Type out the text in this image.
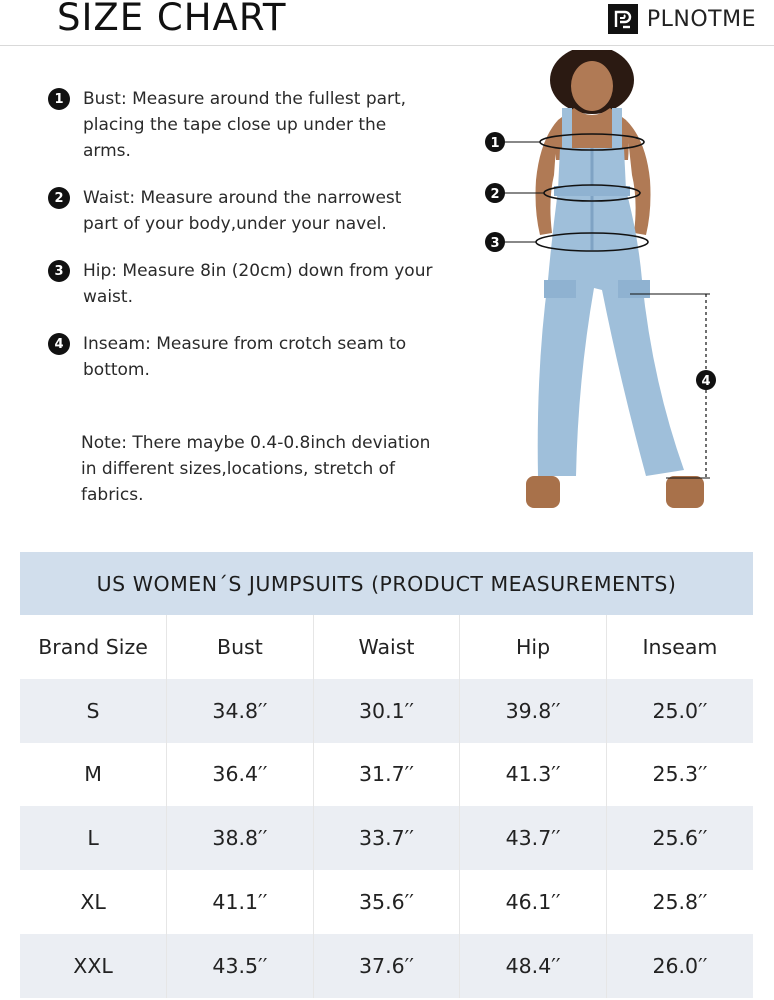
SIZE CHART	PLNOTME
1	Bust: Measure around the fullest part, placing the tape close up under the arms.
2	Waist: Measure around the narrowest part of your body,under your navel.
3	Hip: Measure 8in (20cm) down from your waist.
4	Inseam: Measure from crotch seam to bottom.
Note: There maybe 0.4-0.8inch deviation in different sizes,locations, stretch of fabrics.
1
2
3
4
US WOMEN´S JUMPSUITS (PRODUCT MEASUREMENTS)
Brand Size	Bust	Waist	Hip	Inseam
S	34.8′′	30.1′′	39.8′′	25.0′′
M	36.4′′	31.7′′	41.3′′	25.3′′
L	38.8′′	33.7′′	43.7′′	25.6′′
XL	41.1′′	35.6′′	46.1′′	25.8′′
XXL	43.5′′	37.6′′	48.4′′	26.0′′
